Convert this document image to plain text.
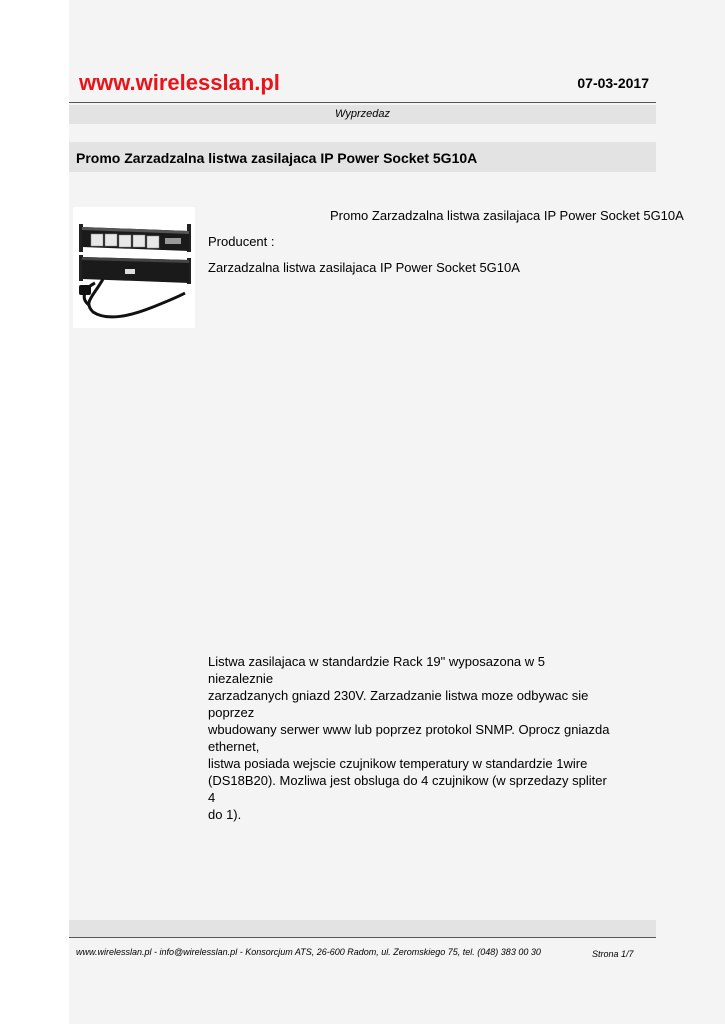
www.wirelesslan.pl	07-03-2017
Wyprzedaz
Promo Zarzadzalna listwa zasilajaca IP Power Socket 5G10A
Promo Zarzadzalna listwa zasilajaca IP Power Socket 5G10A
Producent :
Zarzadzalna listwa zasilajaca IP Power Socket 5G10A
Listwa zasilajaca w standardzie Rack 19" wyposazona w 5
niezaleznie
zarzadzanych gniazd 230V. Zarzadzanie listwa moze odbywac sie
poprzez
wbudowany serwer www lub poprzez protokol SNMP. Oprocz gniazda
ethernet,
listwa posiada wejscie czujnikow temperatury w standardzie 1wire
(DS18B20). Mozliwa jest obsluga do 4 czujnikow (w sprzedazy spliter
4
do 1).
www.wirelesslan.pl - info@wirelesslan.pl - Konsorcjum ATS, 26-600 Radom, ul. Zeromskiego 75, tel. (048) 383 00 30	Strona 1/7
